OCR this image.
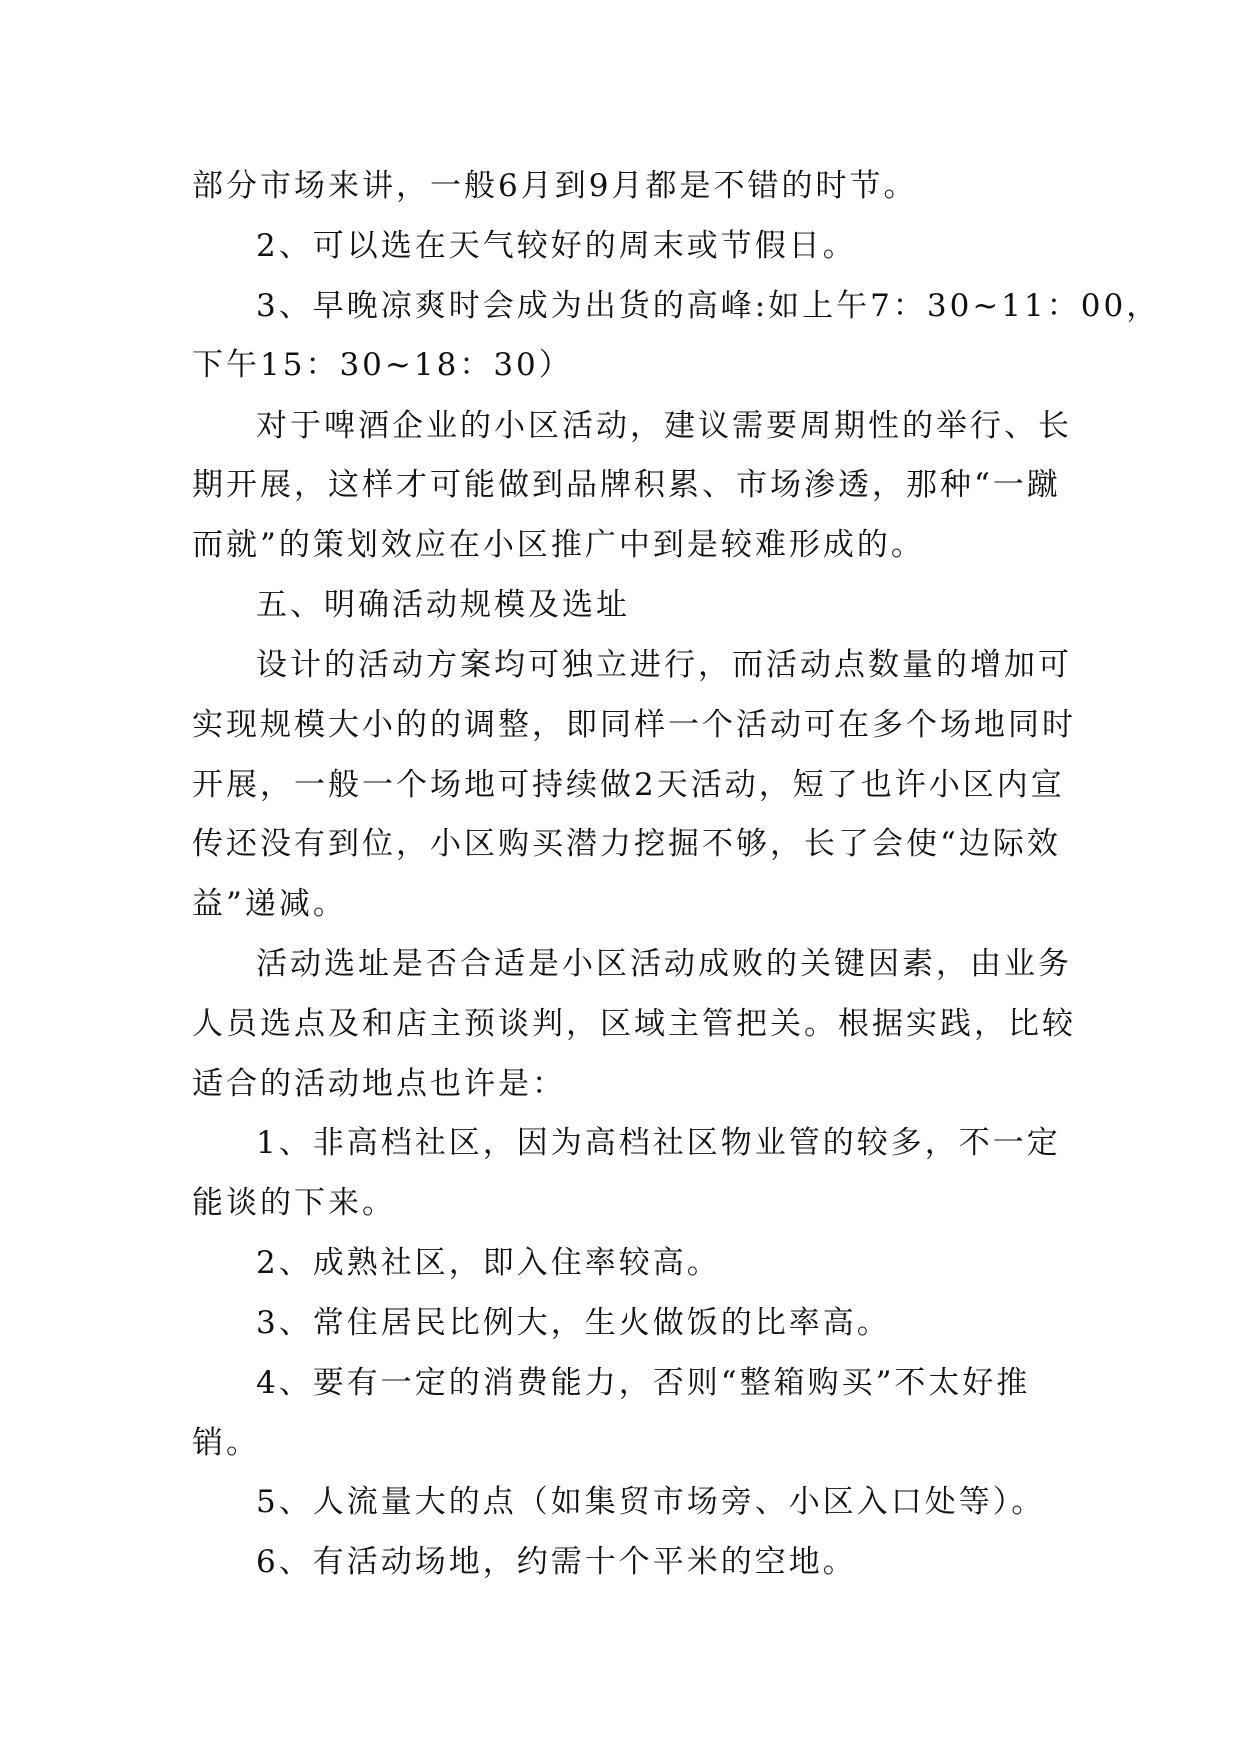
部分市场来讲，一般6月到9月都是不错的时节。
2、可以选在天气较好的周末或节假日。
3、早晚凉爽时会成为出货的高峰:如上午7：30~11：00，
下午15：30~18：30）
对于啤酒企业的小区活动，建议需要周期性的举行、长
期开展，这样才可能做到品牌积累、市场渗透，那种“一蹴
而就”的策划效应在小区推广中到是较难形成的。
五、明确活动规模及选址
设计的活动方案均可独立进行，而活动点数量的增加可
实现规模大小的的调整，即同样一个活动可在多个场地同时
开展，一般一个场地可持续做2天活动，短了也许小区内宣
传还没有到位，小区购买潜力挖掘不够，长了会使“边际效
益”递减。
活动选址是否合适是小区活动成败的关键因素，由业务
人员选点及和店主预谈判，区域主管把关。根据实践，比较
适合的活动地点也许是：
1、非高档社区，因为高档社区物业管的较多，不一定
能谈的下来。
2、成熟社区，即入住率较高。
3、常住居民比例大，生火做饭的比率高。
4、要有一定的消费能力，否则“整箱购买”不太好推
销。
5、人流量大的点（如集贸市场旁、小区入口处等）。
6、有活动场地，约需十个平米的空地。
